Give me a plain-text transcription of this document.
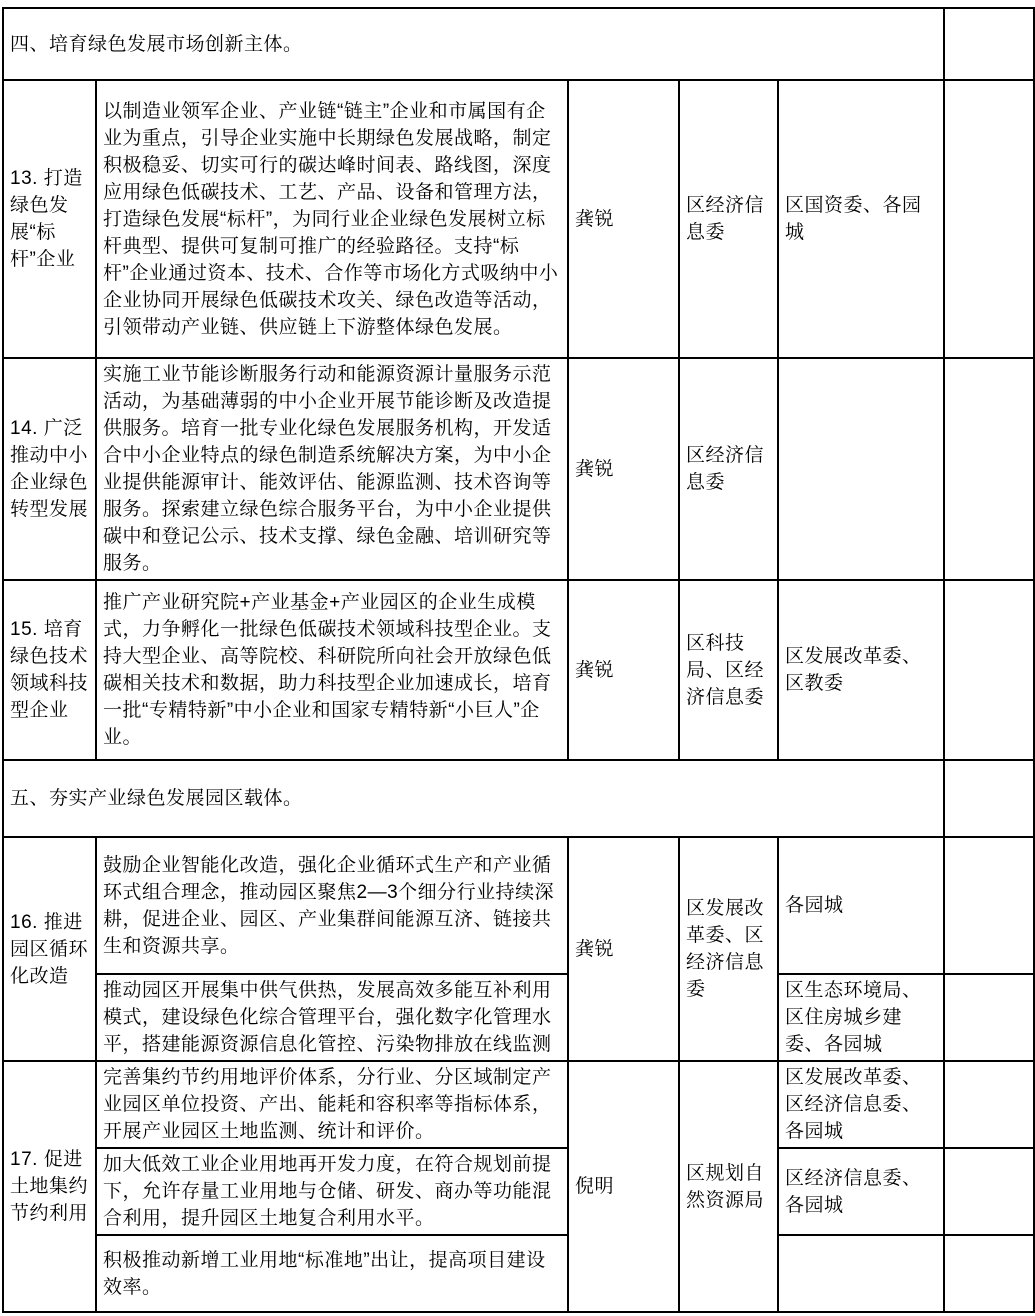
四、培育绿色发展市场创新主体。					
13. 打造绿色发展“标杆”企业	以制造业领军企业、产业链“链主”企业和市属国有企业为重点，引导企业实施中长期绿色发展战略，制定积极稳妥、切实可行的碳达峰时间表、路线图，深度应用绿色低碳技术、工艺、产品、设备和管理方法，打造绿色发展“标杆”，为同行业企业绿色发展树立标杆典型、提供可复制可推广的经验路径。支持“标杆”企业通过资本、技术、合作等市场化方式吸纳中小企业协同开展绿色低碳技术攻关、绿色改造等活动，引领带动产业链、供应链上下游整体绿色发展。	龚锐	区经济信息委	区国资委、各园城	
14. 广泛推动中小企业绿色转型发展	实施工业节能诊断服务行动和能源资源计量服务示范活动，为基础薄弱的中小企业开展节能诊断及改造提供服务。培育一批专业化绿色发展服务机构，开发适合中小企业特点的绿色制造系统解决方案，为中小企业提供能源审计、能效评估、能源监测、技术咨询等服务。探索建立绿色综合服务平台，为中小企业提供碳中和登记公示、技术支撑、绿色金融、培训研究等服务。	龚锐	区经济信息委		
15. 培育绿色技术领域科技型企业	推广产业研究院+产业基金+产业园区的企业生成模式，力争孵化一批绿色低碳技术领域科技型企业。支持大型企业、高等院校、科研院所向社会开放绿色低碳相关技术和数据，助力科技型企业加速成长，培育一批“专精特新”中小企业和国家专精特新“小巨人”企业。	龚锐	区科技局、区经济信息委	区发展改革委、区教委	
五、夯实产业绿色发展园区载体。					
16. 推进园区循环化改造	鼓励企业智能化改造，强化企业循环式生产和产业循环式组合理念，推动园区聚焦2—3个细分行业持续深耕，促进企业、园区、产业集群间能源互济、链接共生和资源共享。	龚锐	区发展改革委、区经济信息委	各园城	
	推动园区开展集中供气供热，发展高效多能互补利用模式，建设绿色化综合管理平台，强化数字化管理水平，搭建能源资源信息化管控、污染物排放在线监测			区生态环境局、区住房城乡建委、各园城	
17. 促进土地集约节约利用	完善集约节约用地评价体系，分行业、分区域制定产业园区单位投资、产出、能耗和容积率等指标体系，开展产业园区土地监测、统计和评价。	倪明	区规划自然资源局	区发展改革委、区经济信息委、各园城	
	加大低效工业企业用地再开发力度，在符合规划前提下，允许存量工业用地与仓储、研发、商办等功能混合利用，提升园区土地复合利用水平。			区经济信息委、各园城	
	积极推动新增工业用地“标准地”出让，提高项目建设效率。				
